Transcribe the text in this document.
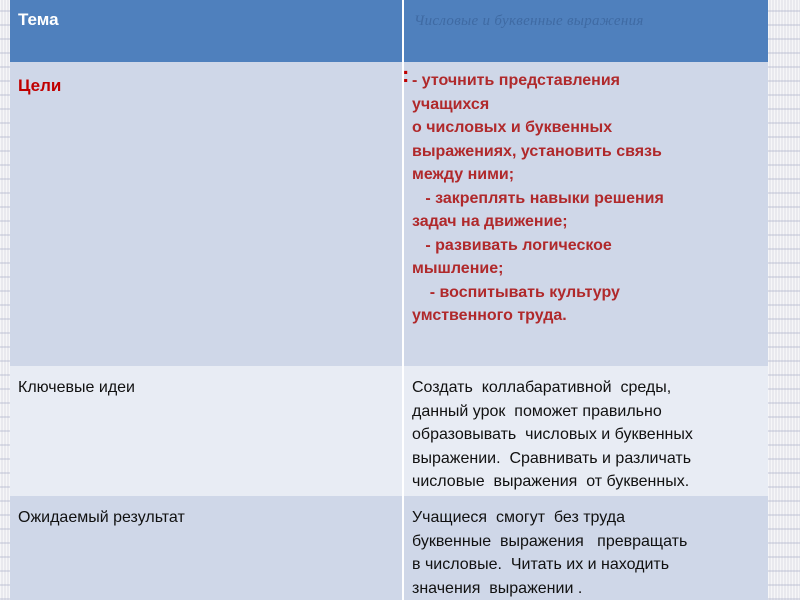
Тема	Числовые и буквенные выражения
Цели	- уточнить представления
учащихся
о числовых и буквенных
выражениях, установить связь
между ними;
- закреплять навыки решения
задач на движение;
- развивать логическое
мышление;
- воспитывать культуру
умственного труда.
Ключевые идеи	Создать  коллабаративной  среды,
данный урок  поможет правильно
образовывать  числовых и буквенных
выражении.  Сравнивать и различать
числовые  выражения  от буквенных.
Ожидаемый результат	Учащиеся  смогут  без труда
буквенные  выражения   превращать
в числовые.  Читать их и находить
значения  выражении .
:
